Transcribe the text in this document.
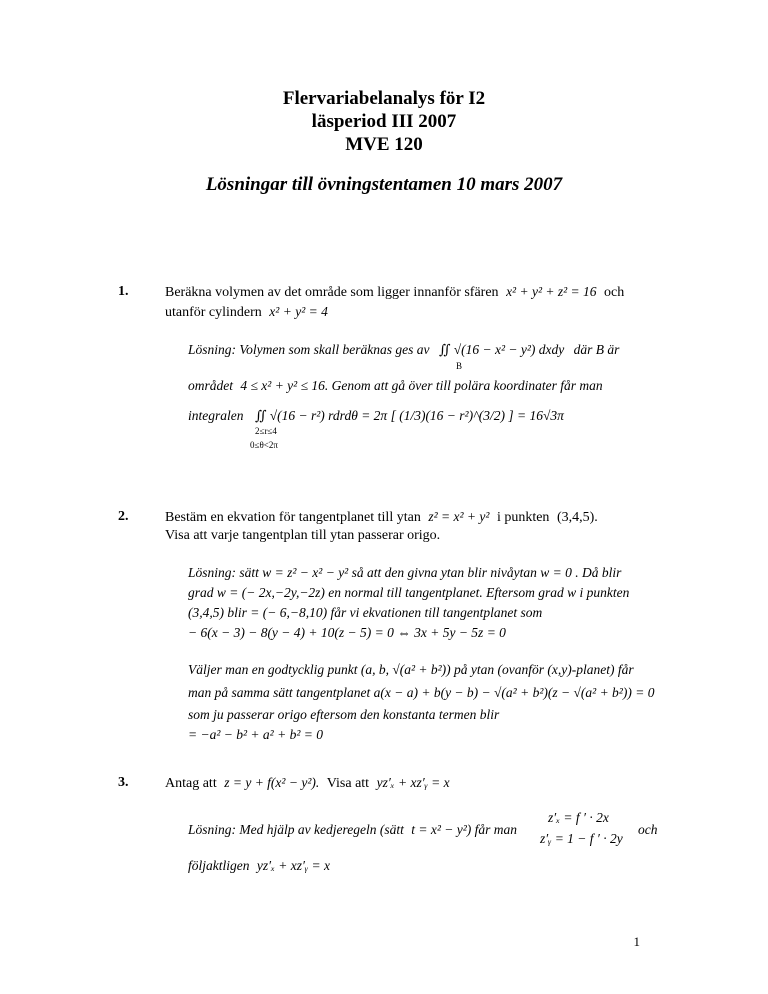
Flervariabelanalys för I2
läsperiod III 2007
MVE 120
Lösningar till övningstentamen 10 mars 2007
1.	Beräkna volymen av det område som ligger innanför sfären x² + y² + z² = 16 och
utanför cylindern x² + y² = 4
Lösning: Volymen som skall beräknas ges av ∬ √(16 − x² − y²) dxdy där B är
B
området 4 ≤ x² + y² ≤ 16. Genom att gå över till polära koordinater får man
integralen ∬ √(16 − r²) rdrdθ = 2π [ (1/3)(16 − r²)^(3/2) ] = 16√3π
2≤r≤4
0≤θ<2π
2.	Bestäm en ekvation för tangentplanet till ytan z² = x² + y² i punkten (3,4,5).
Visa att varje tangentplan till ytan passerar origo.
Lösning: sätt w = z² − x² − y² så att den givna ytan blir nivåytan w = 0 . Då blir
grad w = (− 2x,−2y,−2z) en normal till tangentplanet. Eftersom grad w i punkten
(3,4,5) blir = (− 6,−8,10) får vi ekvationen till tangentplanet som
− 6(x − 3) − 8(y − 4) + 10(z − 5) = 0 ⇔ 3x + 5y − 5z = 0
Väljer man en godtycklig punkt (a, b, √(a² + b²)) på ytan (ovanför (x,y)-planet) får
man på samma sätt tangentplanet a(x − a) + b(y − b) − √(a² + b²)(z − √(a² + b²)) = 0
som ju passerar origo eftersom den konstanta termen blir
= −a² − b² + a² + b² = 0
3.	Antag att z = y + f(x² − y²). Visa att yz′ₓ + xz′ᵧ = x
Lösning: Med hjälp av kedjeregeln (sätt t = x² − y²) får man
z′ₓ = f ′ · 2x
z′ᵧ = 1 − f ′ · 2y
och
följaktligen yz′ₓ + xz′ᵧ = x
1
